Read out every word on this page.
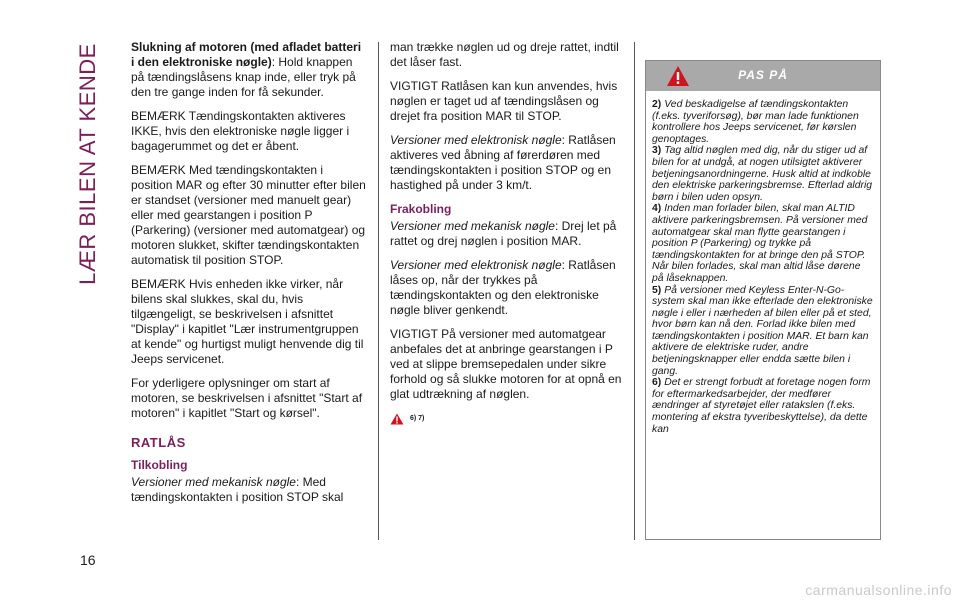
LÆR BILEN AT KENDE	Slukning af motoren (med afladet batteri i den elektroniske nøgle): Hold knappen på tændingslåsens knap inde, eller tryk på den tre gange inden for få sekunder.

BEMÆRK Tændingskontakten aktiveres IKKE, hvis den elektroniske nøgle ligger i bagagerummet og det er åbent.

BEMÆRK Med tændingskontakten i position MAR og efter 30 minutter efter bilen er standset (versioner med manuelt gear) eller med gearstangen i position P (Parkering) (versioner med automatgear) og motoren slukket, skifter tændingskontakten automatisk til position STOP.

BEMÆRK Hvis enheden ikke virker, når bilens skal slukkes, skal du, hvis tilgængeligt, se beskrivelsen i afsnittet "Display" i kapitlet "Lær instrumentgruppen at kende" og hurtigst muligt henvende dig til Jeeps servicenet.

For yderligere oplysninger om start af motoren, se beskrivelsen i afsnittet "Start af motoren" i kapitlet "Start og kørsel".

RATLÅS
Tilkobling

Versioner med mekanisk nøgle: Med tændingskontakten i position STOP skal

man trække nøglen ud og dreje rattet, indtil det låser fast.

VIGTIGT Ratlåsen kan kun anvendes, hvis nøglen er taget ud af tændingslåsen og drejet fra position MAR til STOP.

Versioner med elektronisk nøgle: Ratlåsen aktiveres ved åbning af førerdøren med tændingskontakten i position STOP og en hastighed på under 3 km/t.

Frakobling

Versioner med mekanisk nøgle: Drej let på rattet og drej nøglen i position MAR.

Versioner med elektronisk nøgle: Ratlåsen låses op, når der trykkes på tændingskontakten og den elektroniske nøgle bliver genkendt.

VIGTIGT På versioner med automatgear anbefales det at anbringe gearstangen i P ved at slippe bremsepedalen under sikre forhold og så slukke motoren for at opnå en glat udtrækning af nøglen.

6) 7)
PAS PÅ
2) Ved beskadigelse af tændingskontakten (f.eks. tyveriforsøg), bør man lade funktionen kontrollere hos Jeeps servicenet, før kørslen genoptages.
3) Tag altid nøglen med dig, når du stiger ud af bilen for at undgå, at nogen utilsigtet aktiverer betjeningsanordningerne. Husk altid at indkoble den elektriske parkeringsbremse. Efterlad aldrig børn i bilen uden opsyn.
4) Inden man forlader bilen, skal man ALTID aktivere parkeringsbremsen. På versioner med automatgear skal man flytte gearstangen i position P (Parkering) og trykke på tændingskontakten for at bringe den på STOP. Når bilen forlades, skal man altid låse dørene på låseknappen.
5) På versioner med Keyless Enter-N-Go-system skal man ikke efterlade den elektroniske nøgle i eller i nærheden af bilen eller på et sted, hvor børn kan nå den. Forlad ikke bilen med tændingskontakten i position MAR. Et barn kan aktivere de elektriske ruder, andre betjeningsknapper eller endda sætte bilen i gang.
6) Det er strengt forbudt at foretage nogen form for eftermarkedsarbejder, der medfører ændringer af styretøjet eller ratakslen (f.eks. montering af ekstra tyveribeskyttelse), da dette kan
16
carmanualsonline.info
